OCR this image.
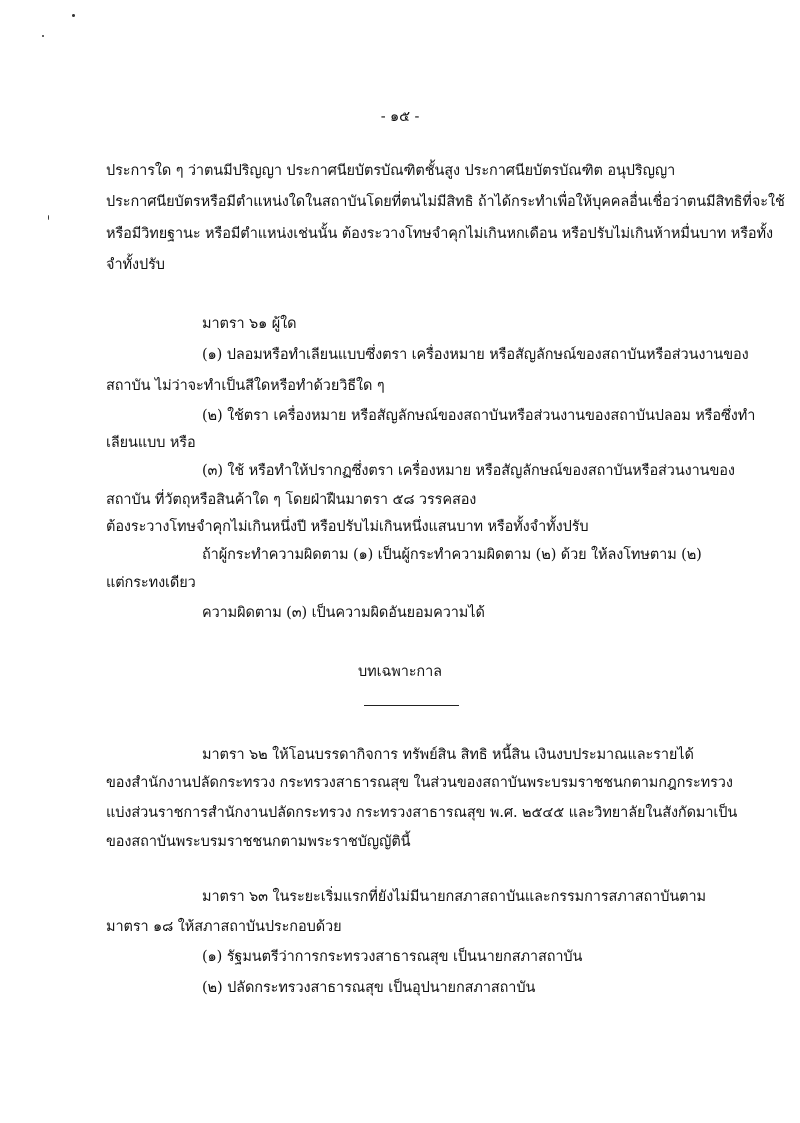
- ๑๕ -
ประการใด ๆ ว่าตนมีปริญญา ประกาศนียบัตรบัณฑิตชั้นสูง ประกาศนียบัตรบัณฑิต อนุปริญญา
ประกาศนียบัตรหรือมีตำแหน่งใดในสถาบันโดยที่ตนไม่มีสิทธิ ถ้าได้กระทำเพื่อให้บุคคลอื่นเชื่อว่าตนมีสิทธิที่จะใช้
หรือมีวิทยฐานะ หรือมีตำแหน่งเช่นนั้น ต้องระวางโทษจำคุกไม่เกินหกเดือน หรือปรับไม่เกินห้าหมื่นบาท หรือทั้ง
จำทั้งปรับ
มาตรา ๖๑ ผู้ใด
(๑) ปลอมหรือทำเลียนแบบซึ่งตรา เครื่องหมาย หรือสัญลักษณ์ของสถาบันหรือส่วนงานของ
สถาบัน ไม่ว่าจะทำเป็นสีใดหรือทำด้วยวิธีใด ๆ
(๒) ใช้ตรา เครื่องหมาย หรือสัญลักษณ์ของสถาบันหรือส่วนงานของสถาบันปลอม หรือซึ่งทำ
เลียนแบบ หรือ
(๓) ใช้ หรือทำให้ปรากฏซึ่งตรา เครื่องหมาย หรือสัญลักษณ์ของสถาบันหรือส่วนงานของ
สถาบัน ที่วัตถุหรือสินค้าใด ๆ โดยฝ่าฝืนมาตรา ๕๘ วรรคสอง
ต้องระวางโทษจำคุกไม่เกินหนึ่งปี หรือปรับไม่เกินหนึ่งแสนบาท หรือทั้งจำทั้งปรับ
ถ้าผู้กระทำความผิดตาม (๑) เป็นผู้กระทำความผิดตาม (๒) ด้วย ให้ลงโทษตาม (๒)
แต่กระทงเดียว
ความผิดตาม (๓) เป็นความผิดอันยอมความได้
บทเฉพาะกาล
มาตรา ๖๒ ให้โอนบรรดากิจการ ทรัพย์สิน สิทธิ หนี้สิน เงินงบประมาณและรายได้
ของสำนักงานปลัดกระทรวง กระทรวงสาธารณสุข ในส่วนของสถาบันพระบรมราชชนกตามกฎกระทรวง
แบ่งส่วนราชการสำนักงานปลัดกระทรวง กระทรวงสาธารณสุข พ.ศ. ๒๕๔๕ และวิทยาลัยในสังกัดมาเป็น
ของสถาบันพระบรมราชชนกตามพระราชบัญญัตินี้
มาตรา ๖๓ ในระยะเริ่มแรกที่ยังไม่มีนายกสภาสถาบันและกรรมการสภาสถาบันตาม
มาตรา ๑๘ ให้สภาสถาบันประกอบด้วย
(๑) รัฐมนตรีว่าการกระทรวงสาธารณสุข เป็นนายกสภาสถาบัน
(๒) ปลัดกระทรวงสาธารณสุข เป็นอุปนายกสภาสถาบัน
